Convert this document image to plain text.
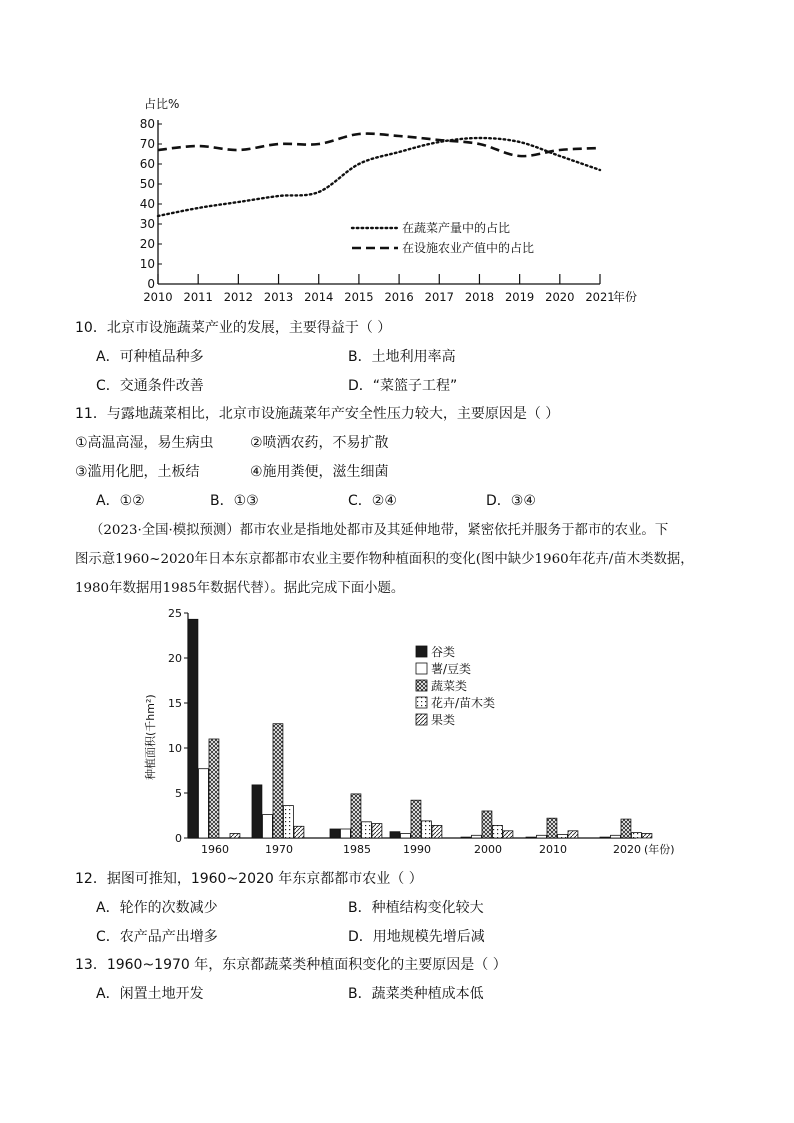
占比%
0
10
20
30
40
50
60
70
80
2010 2011 2012 2013 2014 2015 2016 2017 2018 2019 2020 2021
年份
在蔬菜产量中的占比
在设施农业产值中的占比
10．北京市设施蔬菜产业的发展，主要得益于（ ）
A．可种植品种多	B．土地利用率高
C．交通条件改善	D．“菜篮子工程”
11．与露地蔬菜相比，北京市设施蔬菜年产安全性压力较大，主要原因是（ ）
①高温高湿，易生病虫	②喷洒农药，不易扩散
③滥用化肥，土板结	④施用粪便，滋生细菌
A．①②	B．①③	C．②④	D．③④
（2023·全国·模拟预测）都市农业是指地处都市及其延伸地带，紧密依托并服务于都市的农业。下
图示意1960~2020年日本东京都都市农业主要作物种植面积的变化(图中缺少1960年花卉/苗木类数据，
1980年数据用1985年数据代替）。据此完成下面小题。
种植面积(千hm²)
0
5
10
15
20
25
1960	1970	1985	1990	2000	2010	2020 (年份)
谷类
薯/豆类
蔬菜类
花卉/苗木类
果类
12．据图可推知，1960~2020 年东京都都市农业（ ）
A．轮作的次数减少	B．种植结构变化较大
C．农产品产出增多	D．用地规模先增后减
13．1960~1970 年，东京都蔬菜类种植面积变化的主要原因是（ ）
A．闲置土地开发	B．蔬菜类种植成本低
